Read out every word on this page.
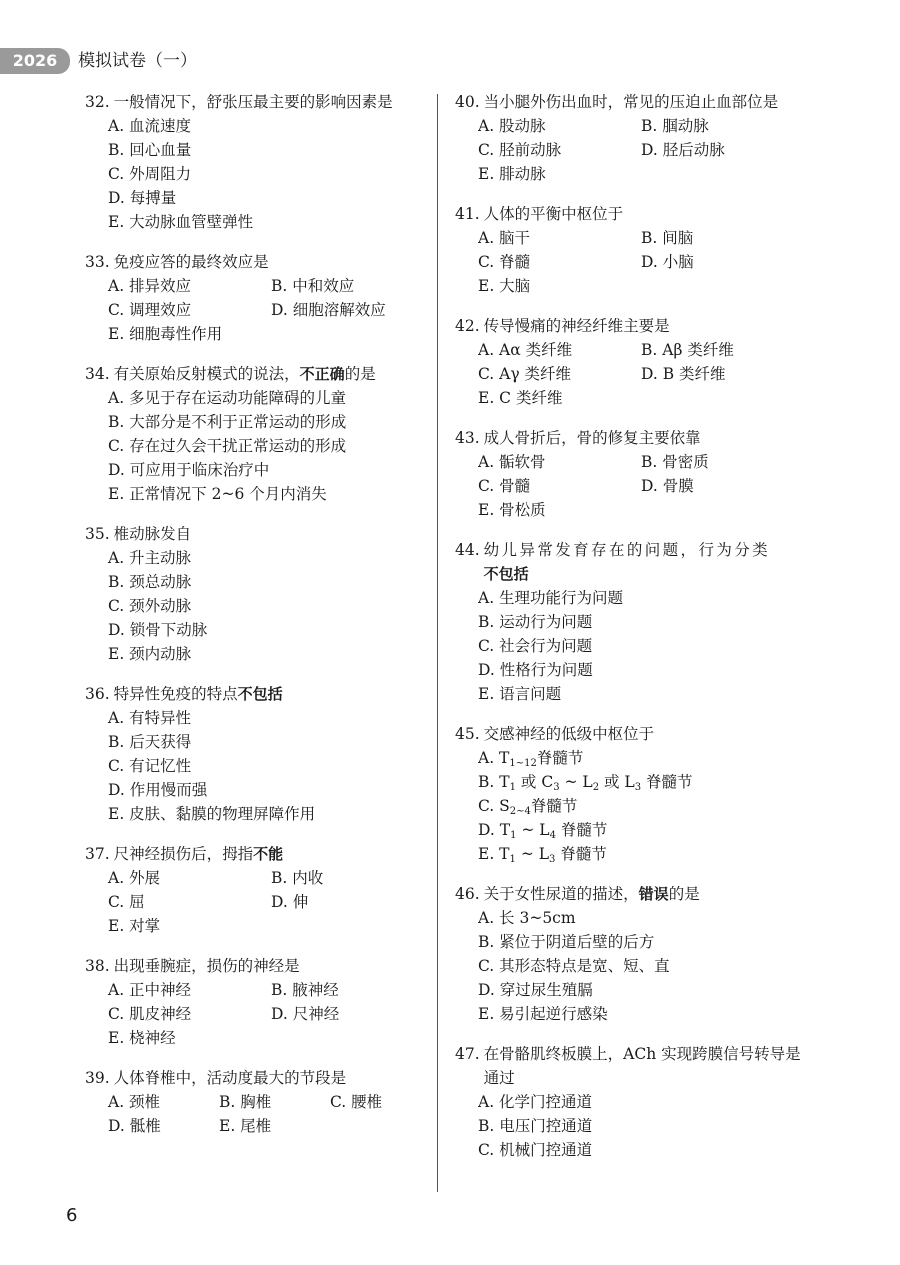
2026	模拟试卷（一）
32. 一般情况下，舒张压最主要的影响因素是
A. 血流速度
B. 回心血量
C. 外周阻力
D. 每搏量
E. 大动脉血管壁弹性
33. 免疫应答的最终效应是
A. 排异效应	B. 中和效应
C. 调理效应	D. 细胞溶解效应
E. 细胞毒性作用
34. 有关原始反射模式的说法，不正确的是
A. 多见于存在运动功能障碍的儿童
B. 大部分是不利于正常运动的形成
C. 存在过久会干扰正常运动的形成
D. 可应用于临床治疗中
E. 正常情况下 2~6 个月内消失
35. 椎动脉发自
A. 升主动脉
B. 颈总动脉
C. 颈外动脉
D. 锁骨下动脉
E. 颈内动脉
36. 特异性免疫的特点不包括
A. 有特异性
B. 后天获得
C. 有记忆性
D. 作用慢而强
E. 皮肤、黏膜的物理屏障作用
37. 尺神经损伤后，拇指不能
A. 外展	B. 内收
C. 屈	D. 伸
E. 对掌
38. 出现垂腕症，损伤的神经是
A. 正中神经	B. 腋神经
C. 肌皮神经	D. 尺神经
E. 桡神经
39. 人体脊椎中，活动度最大的节段是
A. 颈椎	B. 胸椎	C. 腰椎
D. 骶椎	E. 尾椎
40. 当小腿外伤出血时，常见的压迫止血部位是
A. 股动脉	B. 腘动脉
C. 胫前动脉	D. 胫后动脉
E. 腓动脉
41. 人体的平衡中枢位于
A. 脑干	B. 间脑
C. 脊髓	D. 小脑
E. 大脑
42. 传导慢痛的神经纤维主要是
A. Aα 类纤维	B. Aβ 类纤维
C. Aγ 类纤维	D. B 类纤维
E. C 类纤维
43. 成人骨折后，骨的修复主要依靠
A. 骺软骨	B. 骨密质
C. 骨髓	D. 骨膜
E. 骨松质
44. 幼儿异常发育存在的问题，行为分类
不包括
A. 生理功能行为问题
B. 运动行为问题
C. 社会行为问题
D. 性格行为问题
E. 语言问题
45. 交感神经的低级中枢位于
A. $T_{1\sim 12}$脊髓节
B. $T_1$ 或 $C_3$ ~ $L_2$ 或 $L_3$ 脊髓节
C. $S_{2\sim 4}$脊髓节
D. $T_1$ ~ $L_4$ 脊髓节
E. $T_1$ ~ $L_3$ 脊髓节
46. 关于女性尿道的描述，错误的是
A. 长 3~5cm
B. 紧位于阴道后壁的后方
C. 其形态特点是宽、短、直
D. 穿过尿生殖膈
E. 易引起逆行感染
47. 在骨骼肌终板膜上，ACh 实现跨膜信号转导是通过
A. 化学门控通道
B. 电压门控通道
C. 机械门控通道
6
